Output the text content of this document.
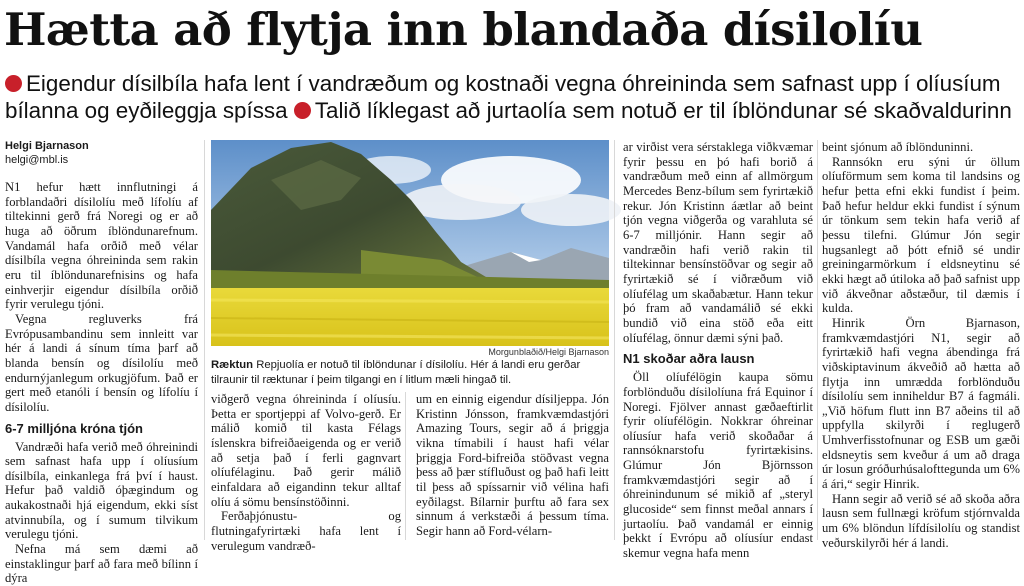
Hætta að flytja inn blandaða dísilolíu
Eigendur dísilbíla hafa lent í vandræðum og kostnaði vegna óhreininda sem safnast upp í olíusíum
bílanna og eyðileggja spíssa Talið líklegast að jurtaolía sem notuð er til íblöndunar sé skaðvaldurinn
Helgi Bjarnason
helgi@mbl.is

N1 hefur hætt innflutningi á forblandaðri dísilolíu með lífolíu af tiltekinni gerð frá Noregi og er að huga að öðrum íblöndunarefnum. Vandamál hafa orðið með vélar dísilbíla vegna óhreininda sem rakin eru til íblöndunarefnisins og hafa einhverjir eigendur dísilbíla orðið fyrir verulegu tjóni.

Vegna regluverks frá Evrópusambandinu sem innleitt var hér á landi á sínum tíma þarf að blanda bensín og dísilolíu með endurnýjanlegum orkugjöfum. Það er gert með etanóli í bensín og lífolíu í dísilolíu.

6-7 milljóna króna tjón

Vandræði hafa verið með óhreinindi sem safnast hafa upp í olíusíum dísilbíla, einkanlega frá því í haust. Hefur það valdið óþægindum og aukakostnaði hjá eigendum, ekki síst atvinnubíla, og í sumum tilvikum verulegu tjóni.

Nefna má sem dæmi að einstaklingur þarf að fara með bílinn í dýra

Morgunblaðið/Helgi Bjarnason
Ræktun Repjuolía er notuð til íblöndunar í dísilolíu. Hér á landi eru gerðar tilraunir til ræktunar í þeim tilgangi en í litlum mæli hingað til.

viðgerð vegna óhreininda í olíusíu. Þetta er sportjeppi af Volvo-gerð. Er málið komið til kasta Félags íslenskra bifreiðaeigenda og er verið að setja það í ferli gagnvart olíufélaginu. Það gerir málið einfaldara að eigandinn tekur alltaf olíu á sömu bensínstöðinni.

Ferðaþjónustu- og flutningafyrirtæki hafa lent í verulegum vandræð-

um en einnig eigendur dísiljeppa. Jón Kristinn Jónsson, framkvæmdastjóri Amazing Tours, segir að á þriggja vikna tímabili í haust hafi vélar þriggja Ford-bifreiða stöðvast vegna þess að þær stífluðust og það hafi leitt til þess að spíssarnir við vélina hafi eyðilagst. Bílarnir þurftu að fara sex sinnum á verkstæði á þessum tíma. Segir hann að Ford-vélarn-

ar virðist vera sérstaklega viðkvæmar fyrir þessu en þó hafi borið á vandræðum með einn af allmörgum Mercedes Benz-bílum sem fyrirtækið rekur. Jón Kristinn áætlar að beint tjón vegna viðgerða og varahluta sé 6-7 milljónir. Hann segir að vandræðin hafi verið rakin til tiltekinnar bensínstöðvar og segir að fyrirtækið sé í viðræðum við olíufélag um skaðabætur. Hann tekur þó fram að vandamálið sé ekki bundið við eina stöð eða eitt olíufélag, önnur dæmi sýni það.

N1 skoðar aðra lausn

Öll olíufélögin kaupa sömu forblönduðu dísilolíuna frá Equinor í Noregi. Fjölver annast gæðaeftirlit fyrir olíufélögin. Nokkrar óhreinar olíusíur hafa verið skoðaðar á rannsóknarstofu fyrirtækisins. Glúmur Jón Björnsson framkvæmdastjóri segir að í óhreinindunum sé mikið af „steryl glucoside“ sem finnst meðal annars í jurtaolíu. Það vandamál er einnig þekkt í Evrópu að olíusíur endast skemur vegna hafa menn

beint sjónum að íblönduninni.

Rannsókn eru sýni úr öllum olíuförmum sem koma til landsins og hefur þetta efni ekki fundist í þeim. Það hefur heldur ekki fundist í sýnum úr tönkum sem tekin hafa verið af þessu tilefni. Glúmur Jón segir hugsanlegt að þótt efnið sé undir greiningarmörkum í eldsneytinu sé ekki hægt að útiloka að það safnist upp við ákveðnar aðstæður, til dæmis í kulda.

Hinrik Örn Bjarnason, framkvæmdastjóri N1, segir að fyrirtækið hafi vegna ábendinga frá viðskiptavinum ákveðið að hætta að flytja inn umrædda forblönduðu dísilolíu sem inniheldur B7 á fagmáli. „Við höfum flutt inn B7 aðeins til að uppfylla skilyrði í reglugerð Umhverfisstofnunar og ESB um gæði eldsneytis sem kveður á um að draga úr losun gróðurhúsalofttegunda um 6% á ári,“ segir Hinrik.

Hann segir að verið sé að skoða aðra lausn sem fullnægi kröfum stjórnvalda um 6% blöndun lífdísilolíu og standist veðurskilyrði hér á landi.
